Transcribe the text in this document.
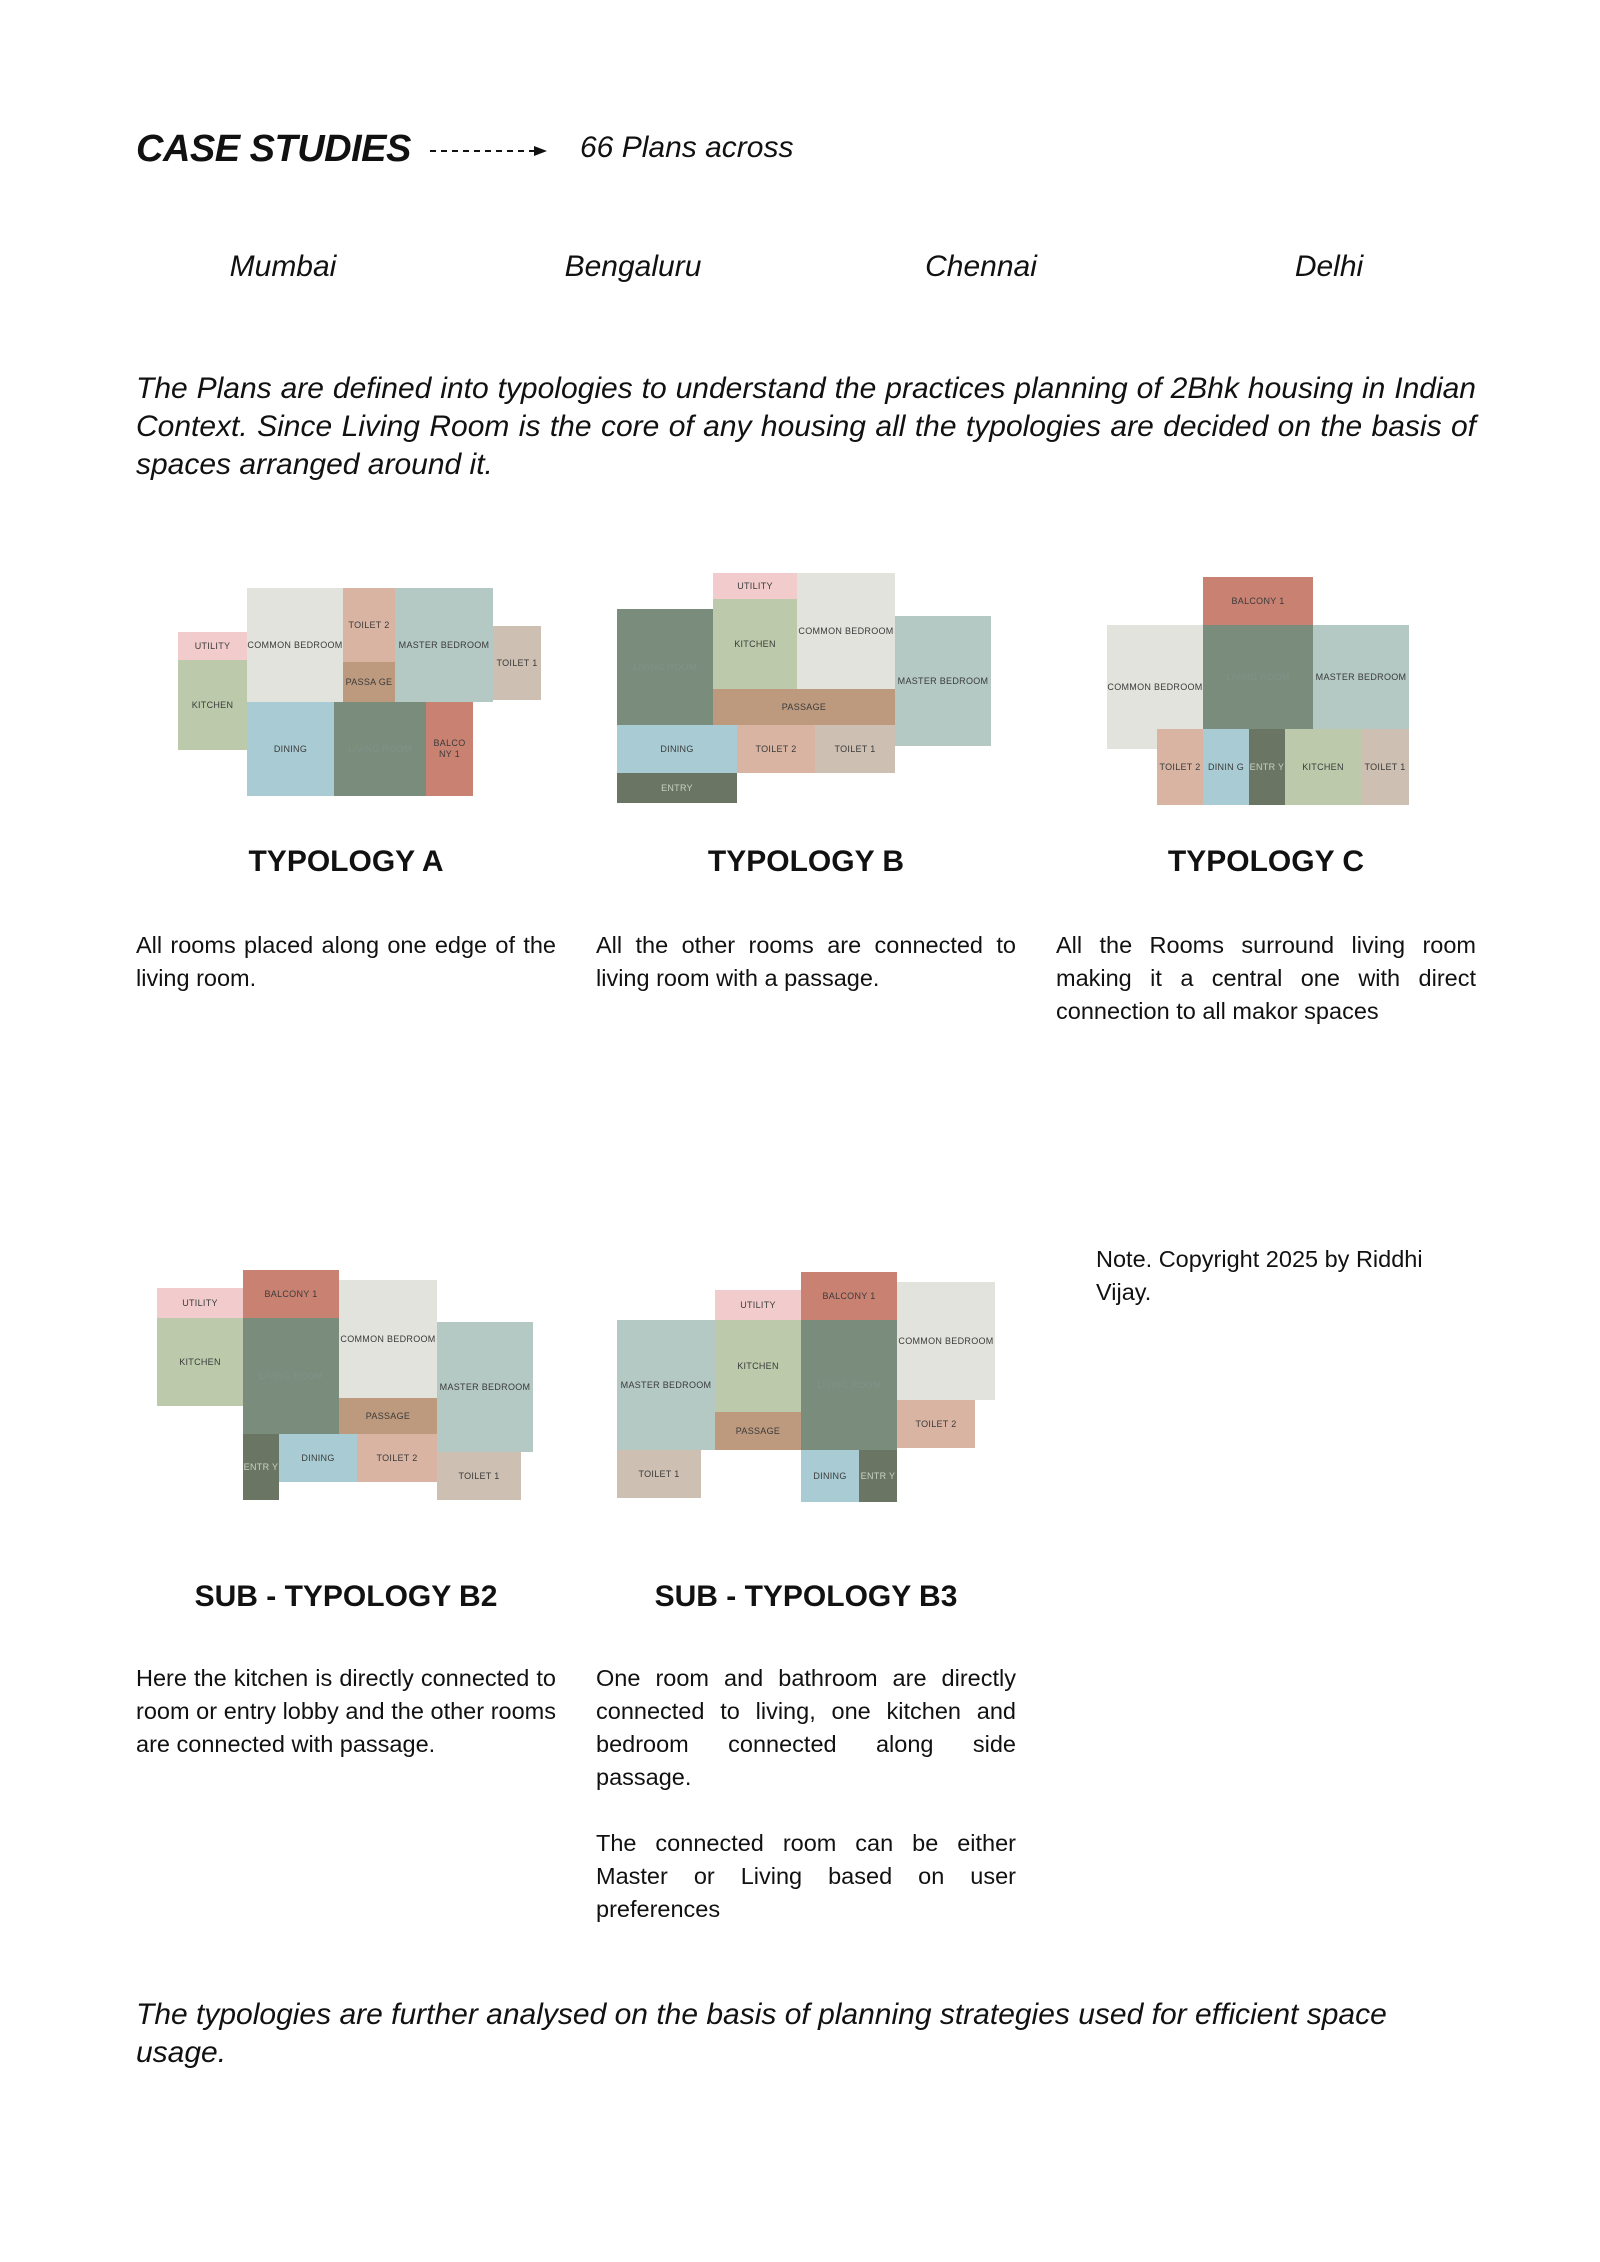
CASE STUDIES	66 Plans across
Mumbai	Bengaluru	Chennai	Delhi
The Plans are defined into typologies to understand the practices planning of 2Bhk housing in Indian Context. Since Living Room is the core of any housing all the typologies are decided on the basis of spaces arranged around it.
UTILITY	COMMON BEDROOM
TOILET 2
PASSA GE
MASTER BEDROOM
TOILET 1
KITCHEN
DINING	LIVING ROOM
BALCO NY 1
TYPOLOGY A
All rooms placed along one edge of the living room.
UTILITY
COMMON BEDROOM
LIVING ROOM
KITCHEN
MASTER BEDROOM
PASSAGE
DINING	TOILET 2	TOILET 1
ENTRY
TYPOLOGY B
All the other rooms are connected to living room with a passage.
BALCONY 1
COMMON BEDROOM
LIVING ROOM	MASTER BEDROOM
TOILET 2 DININ G ENTR Y	KITCHEN	TOILET 1
TYPOLOGY C
All the Rooms surround living room making it a central one with direct connection to all makor spaces
UTILITY
BALCONY 1
COMMON BEDROOM
KITCHEN
LIVING ROOM
MASTER BEDROOM
PASSAGE
ENTR Y
DINING	TOILET 2
TOILET 1
SUB - TYPOLOGY B2
Here the kitchen is directly connected to room or entry lobby and the other rooms are connected with passage.
UTILITY
BALCONY 1
COMMON BEDROOM
MASTER BEDROOM
KITCHEN
LIVING ROOM
TOILET 2
PASSAGE
TOILET 1	DINING	ENTR Y
SUB - TYPOLOGY B3
One room and bathroom are directly connected to living, one kitchen and bedroom connected along side passage.
The connected room can be either Master or Living based on user preferences
Note. Copyright 2025 by Riddhi Vijay.
The typologies are further analysed on the basis of planning strategies used for efficient space usage.
